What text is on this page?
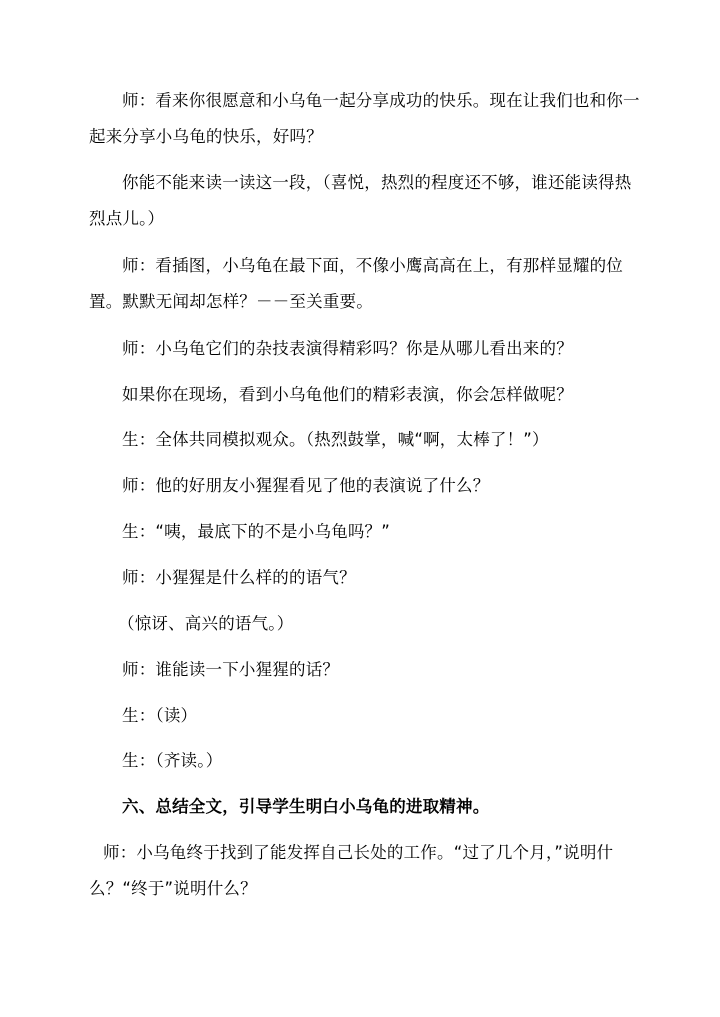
师：看来你很愿意和小乌龟一起分享成功的快乐。现在让我们也和你一起来分享小乌龟的快乐，好吗？

你能不能来读一读这一段，（喜悦，热烈的程度还不够，谁还能读得热烈点儿。）

师：看插图，小乌龟在最下面，不像小鹰高高在上，有那样显耀的位置。默默无闻却怎样？－－至关重要。

师：小乌龟它们的杂技表演得精彩吗？你是从哪儿看出来的？

如果你在现场，看到小乌龟他们的精彩表演，你会怎样做呢？

生：全体共同模拟观众。（热烈鼓掌，喊“啊，太棒了！”）

师：他的好朋友小猩猩看见了他的表演说了什么？

生：“咦，最底下的不是小乌龟吗？”

师：小猩猩是什么样的的语气？

（惊讶、高兴的语气。）

师：谁能读一下小猩猩的话？

生：（读）

生：（齐读。）

六、总结全文，引导学生明白小乌龟的进取精神。

师：小乌龟终于找到了能发挥自己长处的工作。“过了几个月，”说明什么？“终于”说明什么？
